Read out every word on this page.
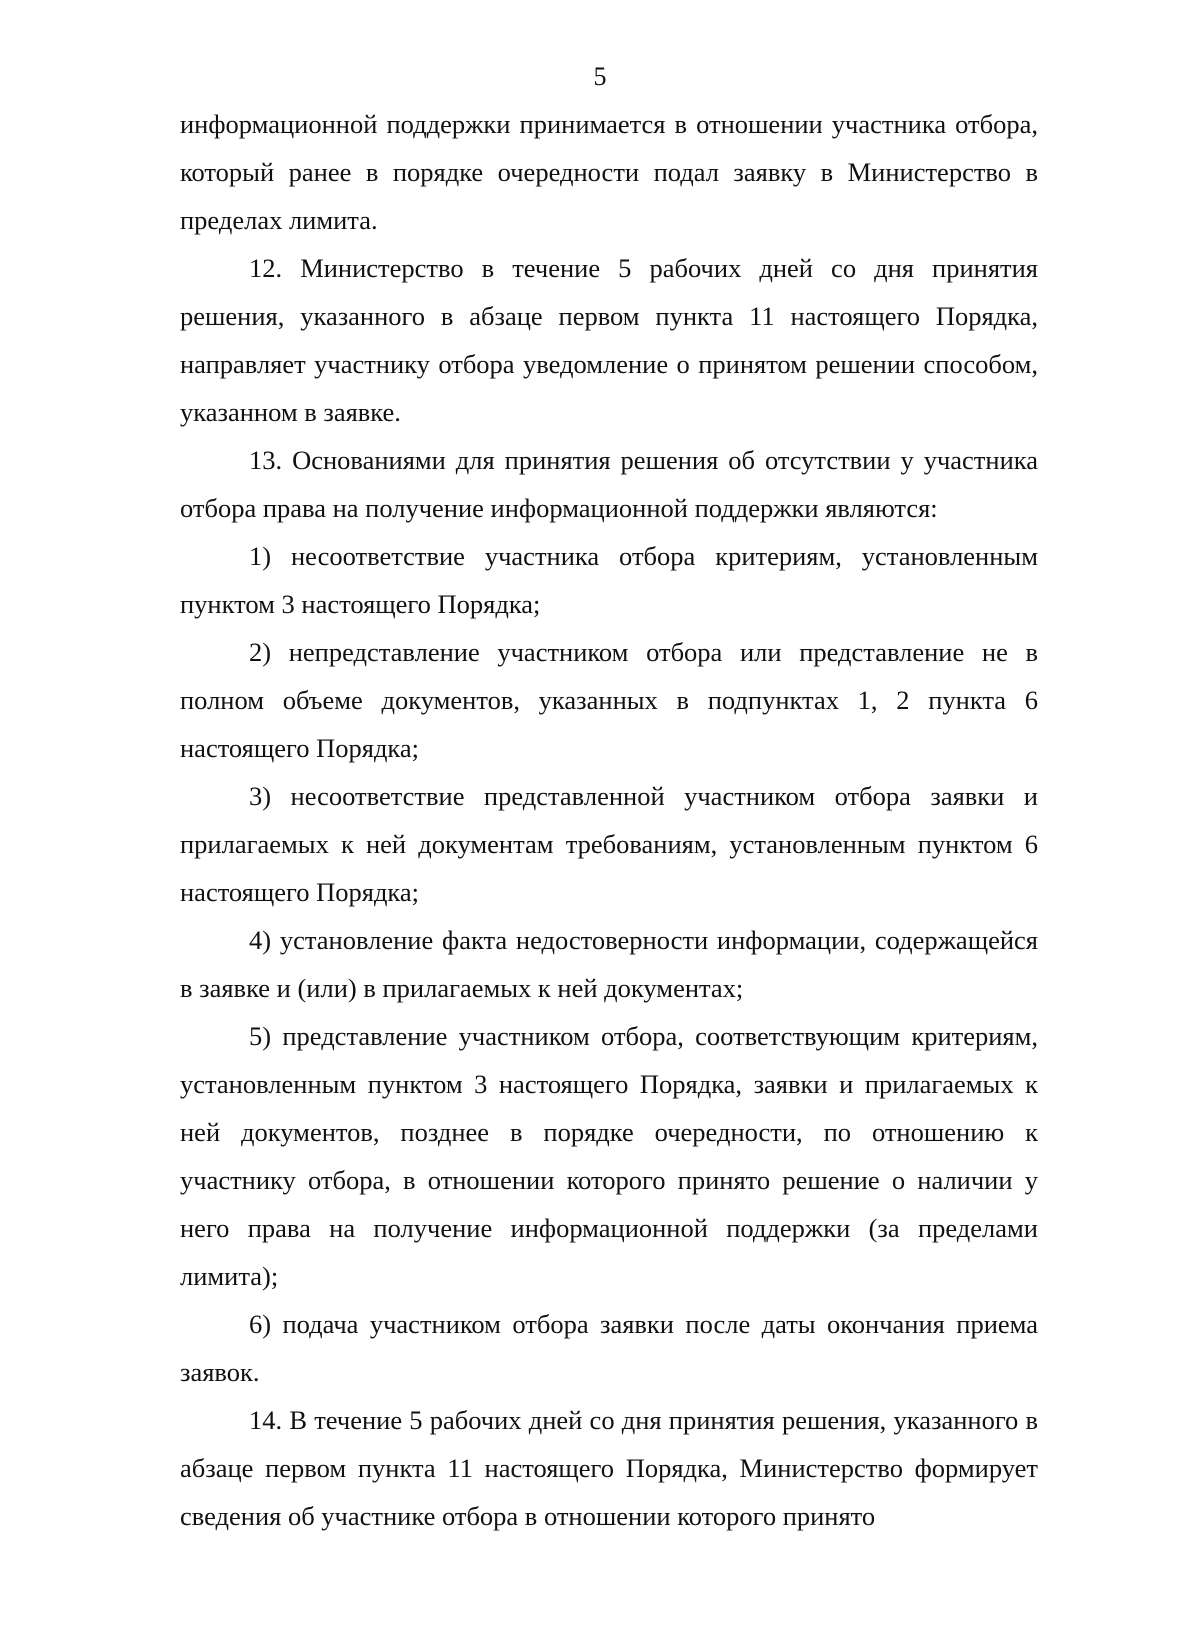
5

информационной поддержки принимается в отношении участника отбора, который ранее в порядке очередности подал заявку в Министерство в пределах лимита.

12. Министерство в течение 5 рабочих дней со дня принятия решения, указанного в абзаце первом пункта 11 настоящего Порядка, направляет участнику отбора уведомление о принятом решении способом, указанном в заявке.

13. Основаниями для принятия решения об отсутствии у участника отбора права на получение информационной поддержки являются:

1) несоответствие участника отбора критериям, установленным пунктом 3 настоящего Порядка;

2) непредставление участником отбора или представление не в полном объеме документов, указанных в подпунктах 1, 2 пункта 6 настоящего Порядка;

3) несоответствие представленной участником отбора заявки и прилагаемых к ней документам требованиям, установленным пунктом 6 настоящего Порядка;

4) установление факта недостоверности информации, содержащейся в заявке и (или) в прилагаемых к ней документах;

5) представление участником отбора, соответствующим критериям, установленным пунктом 3 настоящего Порядка, заявки и прилагаемых к ней документов, позднее в порядке очередности, по отношению к участнику отбора, в отношении которого принято решение о наличии у него права на получение информационной поддержки (за пределами лимита);

6) подача участником отбора заявки после даты окончания приема заявок.

14. В течение 5 рабочих дней со дня принятия решения, указанного в абзаце первом пункта 11 настоящего Порядка, Министерство формирует сведения об участнике отбора в отношении которого принято
